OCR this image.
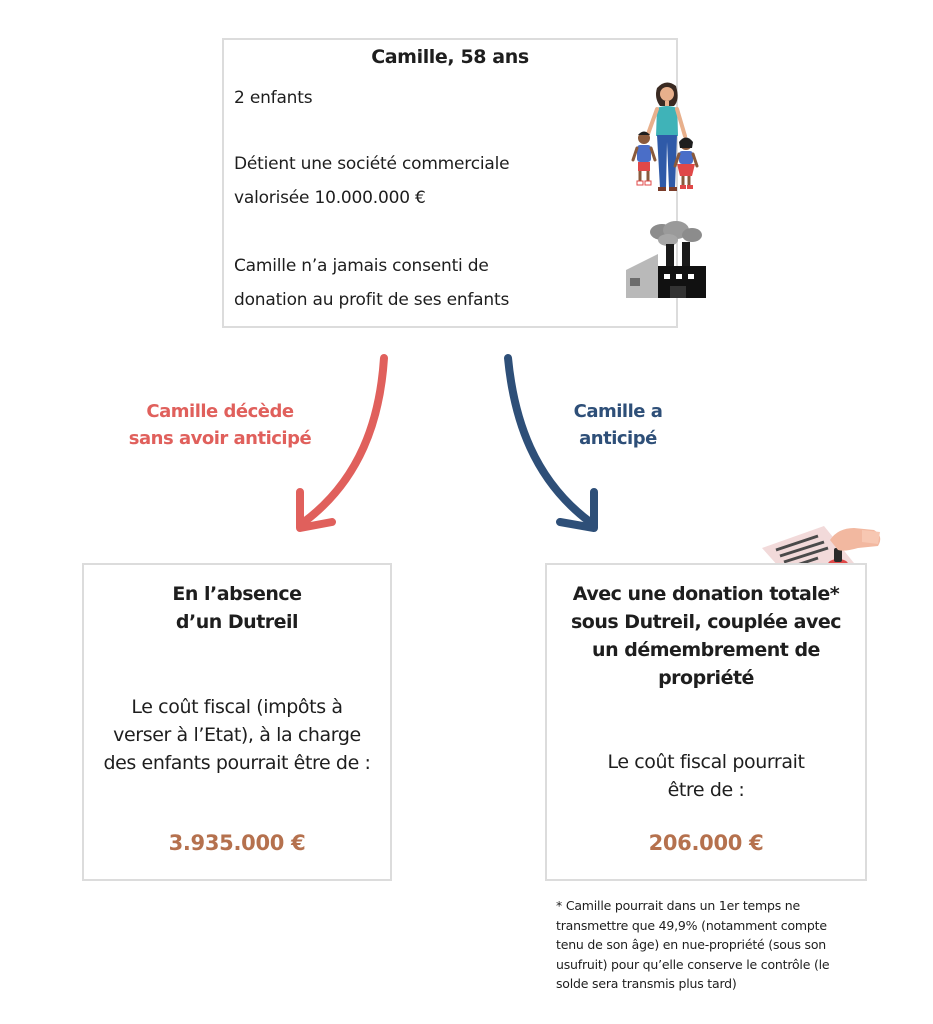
Camille, 58 ans
2 enfants
Détient une société commerciale
valorisée 10.000.000 €
Camille n’a jamais consenti de
donation au profit de ses enfants
Camille décède
sans avoir anticipé
Camille a
anticipé
En l’absence
d’un Dutreil
Le coût fiscal (impôts à
verser à l’Etat), à la charge
des enfants pourrait être de :
3.935.000 €
Avec une donation totale*
sous Dutreil, couplée avec
un démembrement de
propriété
Le coût fiscal pourrait
être de :
206.000 €
* Camille pourrait dans un 1er temps ne
transmettre que 49,9% (notamment compte
tenu de son âge) en nue-propriété (sous son
usufruit) pour qu’elle conserve le contrôle (le
solde sera transmis plus tard)
